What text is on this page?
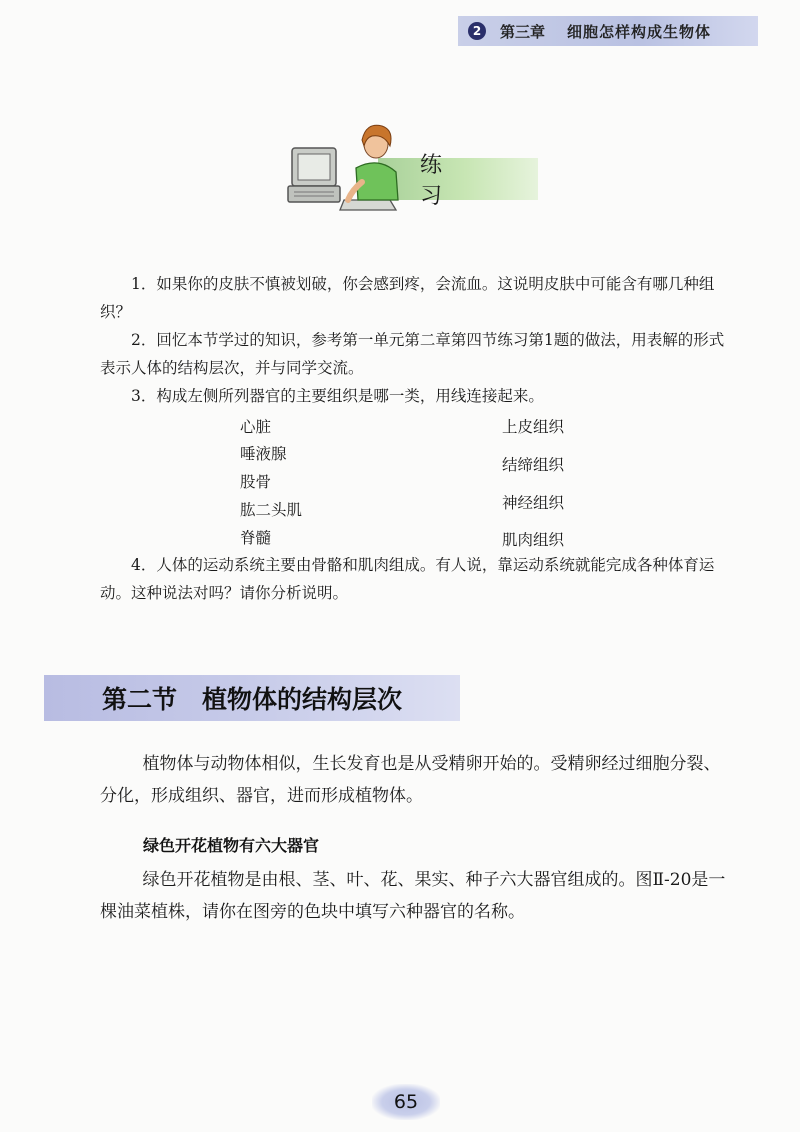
2	第三章 细胞怎样构成生物体
练 习

1．如果你的皮肤不慎被划破，你会感到疼，会流血。这说明皮肤中可能含有哪几种组织？

2．回忆本节学过的知识，参考第一单元第二章第四节练习第1题的做法，用表解的形式表示人体的结构层次，并与同学交流。

3．构成左侧所列器官的主要组织是哪一类，用线连接起来。

心脏
唾液腺
股骨
肱二头肌
脊髓
上皮组织
结缔组织
神经组织
肌肉组织

4．人体的运动系统主要由骨骼和肌肉组成。有人说，靠运动系统就能完成各种体育运动。这种说法对吗？请你分析说明。

第二节　植物体的结构层次

植物体与动物体相似，生长发育也是从受精卵开始的。受精卵经过细胞分裂、分化，形成组织、器官，进而形成植物体。

绿色开花植物有六大器官

绿色开花植物是由根、茎、叶、花、果实、种子六大器官组成的。图Ⅱ-20是一棵油菜植株，请你在图旁的色块中填写六种器官的名称。

65
